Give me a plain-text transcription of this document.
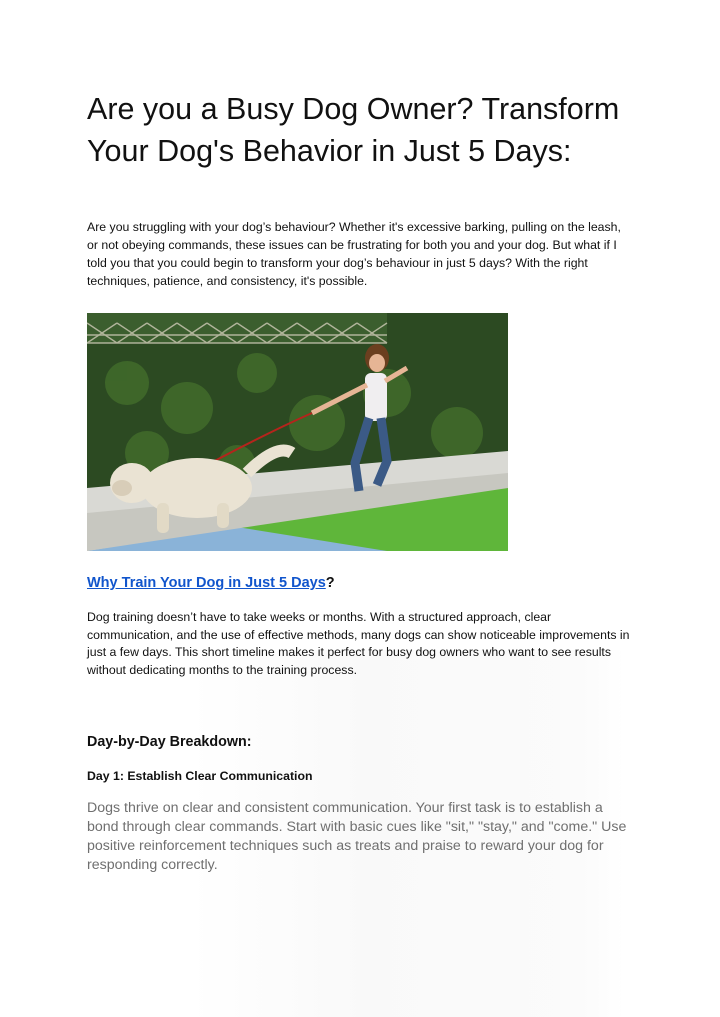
Are you a Busy Dog Owner? Transform Your Dog's Behavior in Just 5 Days:

Are you struggling with your dog’s behaviour? Whether it's excessive barking, pulling on the leash, or not obeying commands, these issues can be frustrating for both you and your dog. But what if I told you that you could begin to transform your dog’s behaviour in just 5 days? With the right techniques, patience, and consistency, it's possible.

Why Train Your Dog in Just 5 Days?

Dog training doesn’t have to take weeks or months. With a structured approach, clear communication, and the use of effective methods, many dogs can show noticeable improvements in just a few days. This short timeline makes it perfect for busy dog owners who want to see results without dedicating months to the training process.

Day-by-Day Breakdown:
Day 1: Establish Clear Communication

Dogs thrive on clear and consistent communication. Your first task is to establish a bond through clear commands. Start with basic cues like "sit," "stay," and "come." Use positive reinforcement techniques such as treats and praise to reward your dog for responding correctly.
